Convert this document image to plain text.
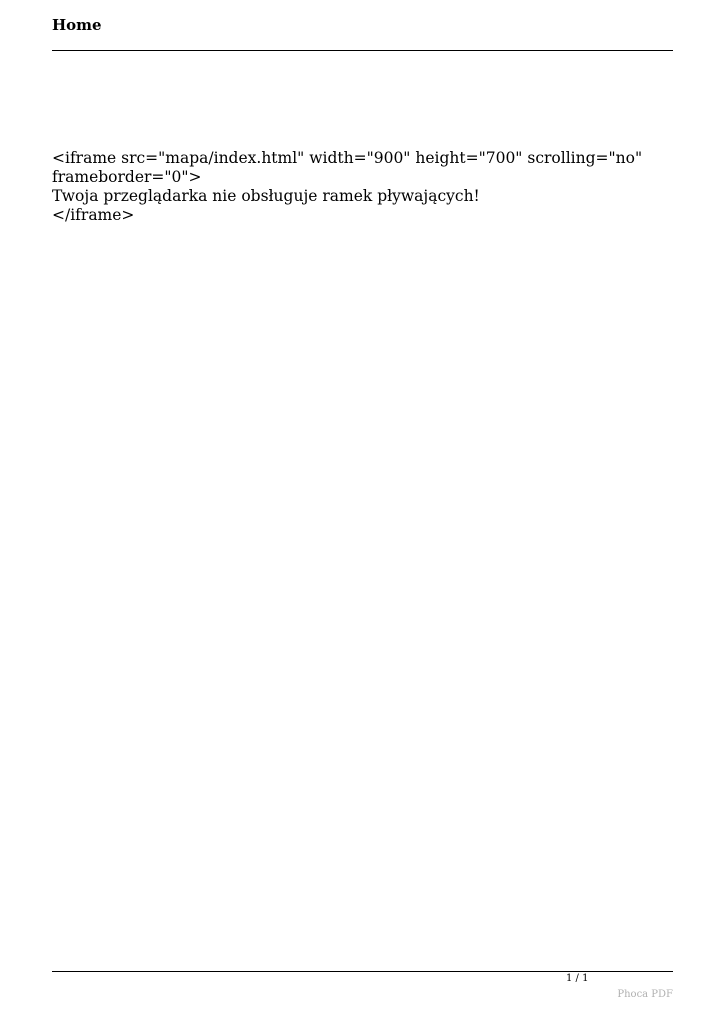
Home
<iframe src="mapa/index.html" width="900" height="700" scrolling="no"
frameborder="0">
Twoja przeglądarka nie obsługuje ramek pływających!
</iframe>
1 / 1
Phoca PDF
